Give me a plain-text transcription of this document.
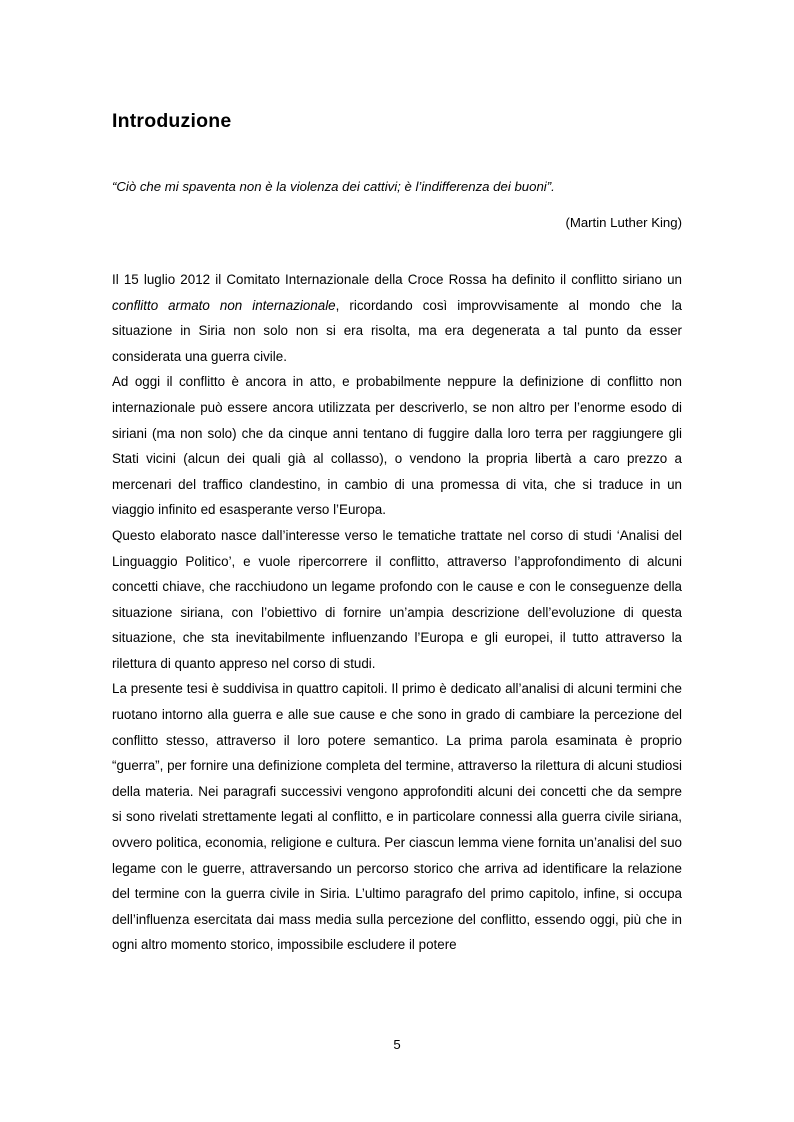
Introduzione

“Ciò che mi spaventa non è la violenza dei cattivi; è l’indifferenza dei buoni”.

(Martin Luther King)

Il 15 luglio 2012 il Comitato Internazionale della Croce Rossa ha definito il conflitto siriano un conflitto armato non internazionale, ricordando così improvvisamente al mondo che la situazione in Siria non solo non si era risolta, ma era degenerata a tal punto da esser considerata una guerra civile.

Ad oggi il conflitto è ancora in atto, e probabilmente neppure la definizione di conflitto non internazionale può essere ancora utilizzata per descriverlo, se non altro per l’enorme esodo di siriani (ma non solo) che da cinque anni tentano di fuggire dalla loro terra per raggiungere gli Stati vicini (alcun dei quali già al collasso), o vendono la propria libertà a caro prezzo a mercenari del traffico clandestino, in cambio di una promessa di vita, che si traduce in un viaggio infinito ed esasperante verso l’Europa.

Questo elaborato nasce dall’interesse verso le tematiche trattate nel corso di studi ‘Analisi del Linguaggio Politico’, e vuole ripercorrere il conflitto, attraverso l’approfondimento di alcuni concetti chiave, che racchiudono un legame profondo con le cause e con le conseguenze della situazione siriana, con l’obiettivo di fornire un’ampia descrizione dell’evoluzione di questa situazione, che sta inevitabilmente influenzando l’Europa e gli europei, il tutto attraverso la rilettura di quanto appreso nel corso di studi.

La presente tesi è suddivisa in quattro capitoli. Il primo è dedicato all’analisi di alcuni termini che ruotano intorno alla guerra e alle sue cause e che sono in grado di cambiare la percezione del conflitto stesso, attraverso il loro potere semantico. La prima parola esaminata è proprio “guerra”, per fornire una definizione completa del termine, attraverso la rilettura di alcuni studiosi della materia. Nei paragrafi successivi vengono approfonditi alcuni dei concetti che da sempre si sono rivelati strettamente legati al conflitto, e in particolare connessi alla guerra civile siriana, ovvero politica, economia, religione e cultura. Per ciascun lemma viene fornita un’analisi del suo legame con le guerre, attraversando un percorso storico che arriva ad identificare la relazione del termine con la guerra civile in Siria. L’ultimo paragrafo del primo capitolo, infine, si occupa dell’influenza esercitata dai mass media sulla percezione del conflitto, essendo oggi, più che in ogni altro momento storico, impossibile escludere il potere

5
